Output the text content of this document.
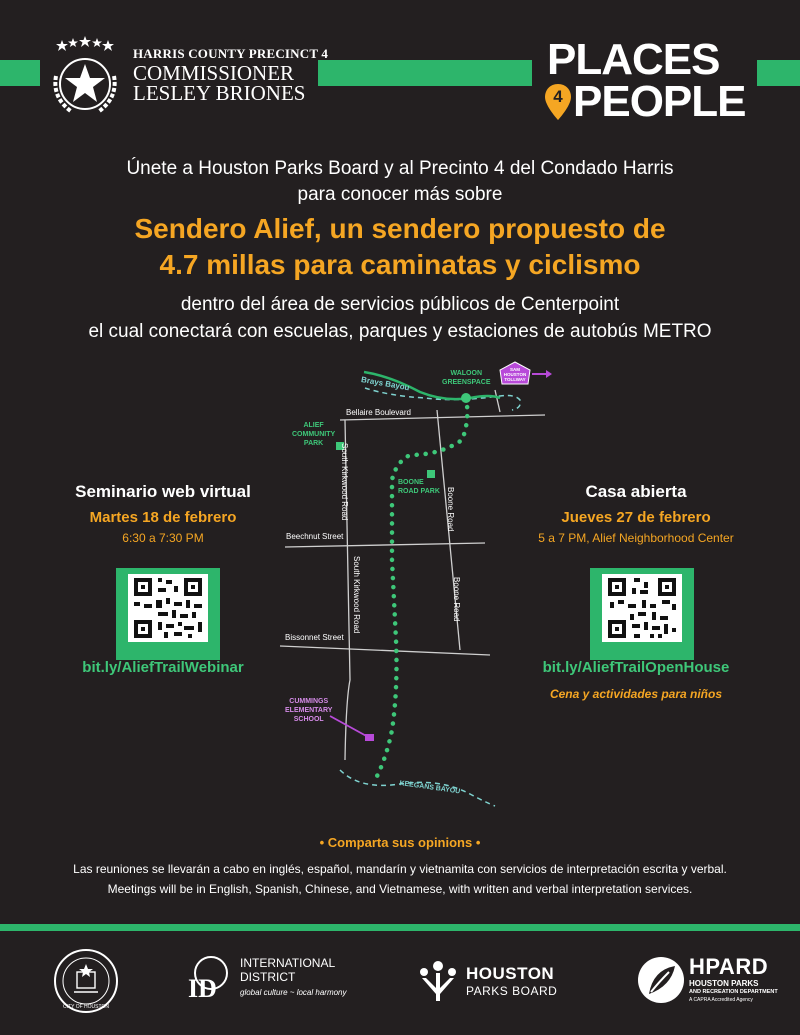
HARRIS COUNTY PRECINCT 4
COMMISSIONER
LESLEY BRIONES
PLACES
4 PEOPLE
Únete a Houston Parks Board y al Precinto 4 del Condado Harris
para conocer más sobre
Sendero Alief, un sendero propuesto de
4.7 millas para caminatas y ciclismo
dentro del área de servicios públicos de Centerpoint
el cual conectará con escuelas, parques y estaciones de autobús METRO
Seminario web virtual
Martes 18 de febrero
6:30 a 7:30 PM
bit.ly/AliefTrailWebinar
Casa abierta
Jueves 27 de febrero
5 a 7 PM, Alief Neighborhood Center
bit.ly/AliefTrailOpenHouse
Cena y actividades para niños
Brays Bayou
WALOON
GREENSPACE
SAM
HOUSTON
TOLLWAY
Bellaire Boulevard
ALIEF
COMMUNITY
PARK
BOONE
ROAD PARK
South Kirkwood Road
South Kirkwood Road
Boone Road
Boone Road
Beechnut Street
Bissonnet Street
CUMMINGS
ELEMENTARY
SCHOOL
KEEGANS BAYOU
• Comparta sus opinions •
Las reuniones se llevarán a cabo en inglés, español, mandarín y vietnamita con servicios de interpretación escrita y verbal.
Meetings will be in English, Spanish, Chinese, and Vietnamese, with written and verbal interpretation services.
CITY OF HOUSTON
ID
INTERNATIONAL
DISTRICT
global culture ~ local harmony
HOUSTON
PARKS BOARD
HPARD
HOUSTON PARKS
AND RECREATION DEPARTMENT
A CAPRA Accredited Agency
